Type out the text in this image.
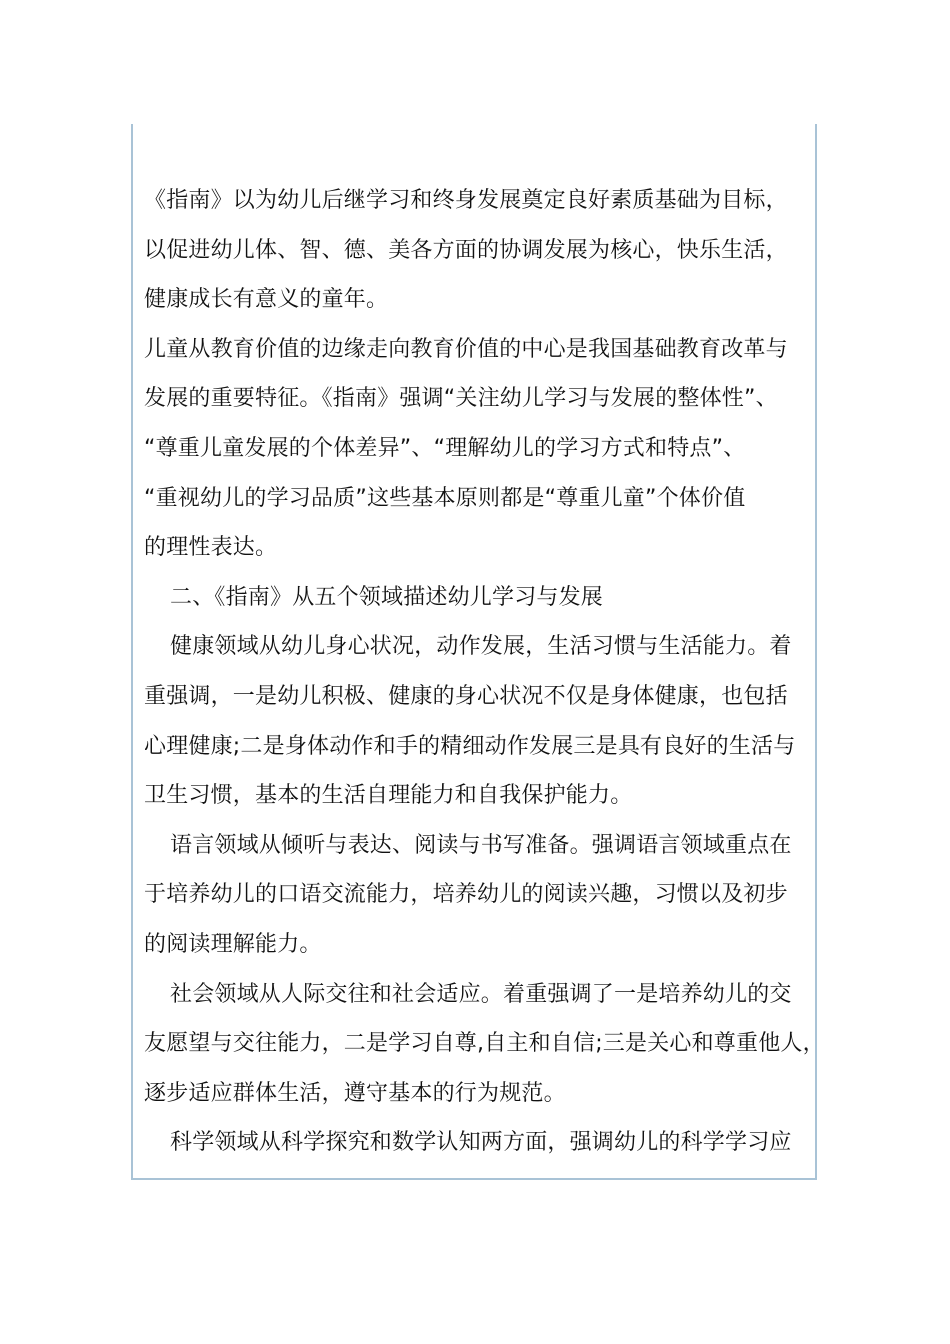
《指南》以为幼儿后继学习和终身发展奠定良好素质基础为目标，
以促进幼儿体、智、德、美各方面的协调发展为核心，快乐生活，
健康成长有意义的童年。
儿童从教育价值的边缘走向教育价值的中心是我国基础教育改革与
发展的重要特征。《指南》强调“关注幼儿学习与发展的整体性”、
“尊重儿童发展的个体差异”、“理解幼儿的学习方式和特点”、
“重视幼儿的学习品质”这些基本原则都是“尊重儿童”个体价值
的理性表达。
二、《指南》从五个领域描述幼儿学习与发展
健康领域从幼儿身心状况，动作发展，生活习惯与生活能力。着
重强调，一是幼儿积极、健康的身心状况不仅是身体健康，也包括
心理健康;二是身体动作和手的精细动作发展三是具有良好的生活与
卫生习惯，基本的生活自理能力和自我保护能力。
语言领域从倾听与表达、阅读与书写准备。强调语言领域重点在
于培养幼儿的口语交流能力，培养幼儿的阅读兴趣，习惯以及初步
的阅读理解能力。
社会领域从人际交往和社会适应。着重强调了一是培养幼儿的交
友愿望与交往能力，二是学习自尊,自主和自信;三是关心和尊重他人，
逐步适应群体生活，遵守基本的行为规范。
科学领域从科学探究和数学认知两方面，强调幼儿的科学学习应
